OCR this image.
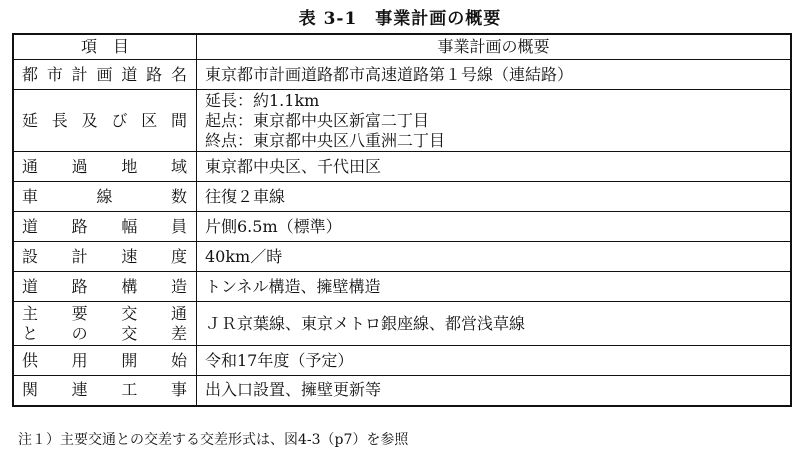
表 3-1　事業計画の概要
項　目	事業計画の概要

都市計画道路名	東京都市計画道路都市高速道路第１号線（連結路）

延長及び区間	延長：約1.1km
起点：東京都中央区新富二丁目
終点：東京都中央区八重洲二丁目

通過地域	東京都中央区、千代田区

車線数	往復２車線

道路幅員	片側6.5m（標準）

設計速度	40km／時

道路構造	トンネル構造、擁壁構造

主要交通
との交差	ＪＲ京葉線、東京メトロ銀座線、都営浅草線

供用開始	令和17年度（予定）

関連工事	出入口設置、擁壁更新等
注１）主要交通との交差する交差形式は、図4-3（p7）を参照
